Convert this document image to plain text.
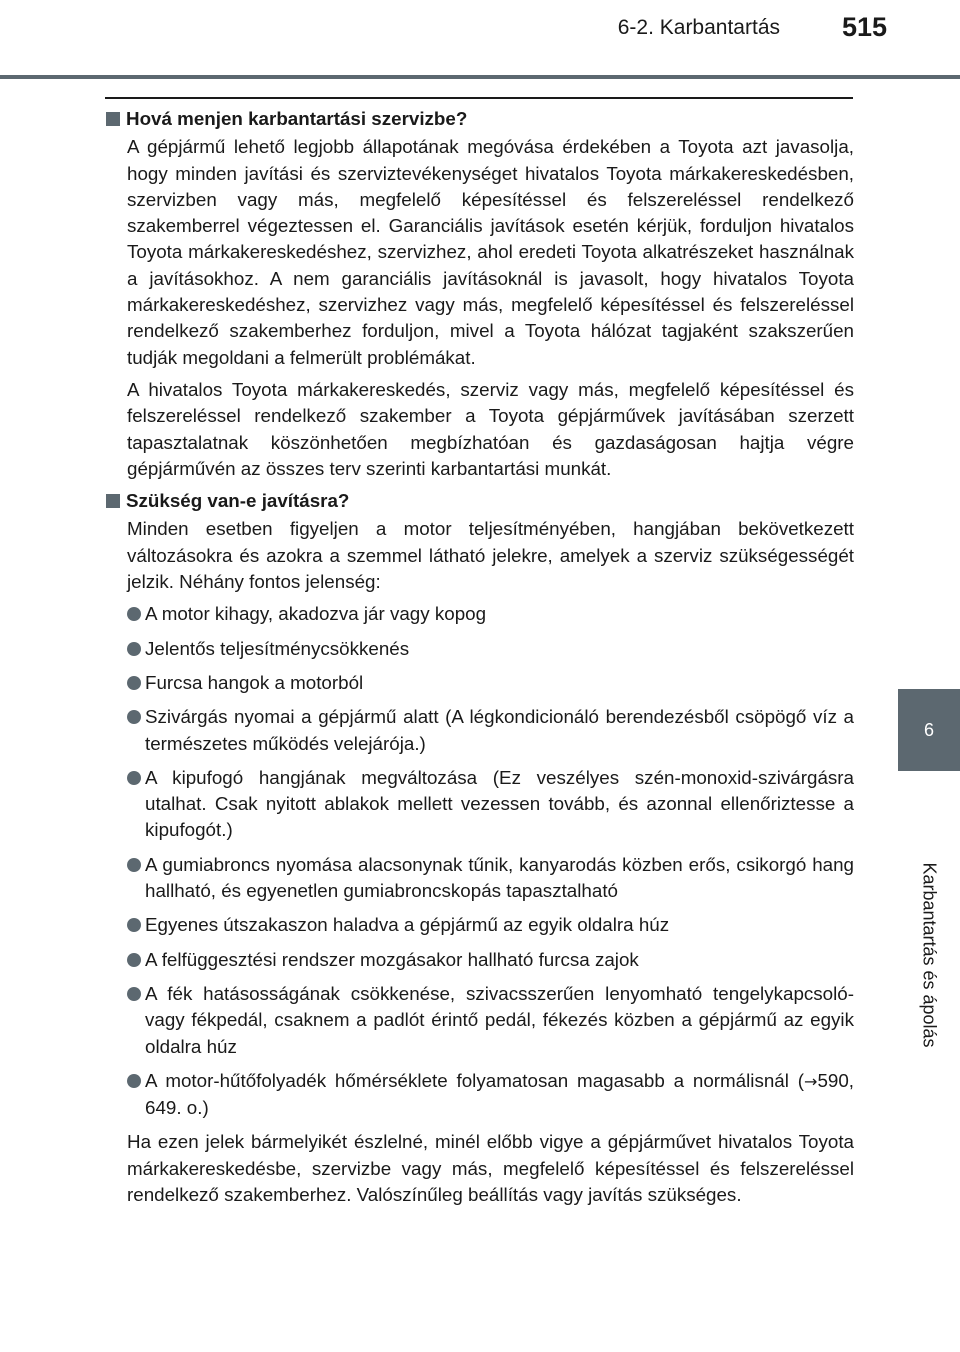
6-2. Karbantartás 515
6
Karbantartás és ápolás
Hová menjen karbantartási szervizbe?

A gépjármű lehető legjobb állapotának megóvása érdekében a Toyota azt javasolja, hogy minden javítási és szerviztevékenységet hivatalos Toyota márkakereskedésben, szervizben vagy más, megfelelő képesítéssel és felszereléssel rendelkező szakemberrel végeztessen el. Garanciális javítások esetén kérjük, forduljon hivatalos Toyota márkakereskedéshez, szervizhez, ahol eredeti Toyota alkatrészeket használnak a javításokhoz. A nem garanciális javításoknál is javasolt, hogy hivatalos Toyota márkakereskedéshez, szervizhez vagy más, megfelelő képesítéssel és felszereléssel rendelkező szakemberhez forduljon, mivel a Toyota hálózat tagjaként szakszerűen tudják megoldani a felmerült problémákat.

A hivatalos Toyota márkakereskedés, szerviz vagy más, megfelelő képesítéssel és felszereléssel rendelkező szakember a Toyota gépjárművek javításában szerzett tapasztalatnak köszönhetően megbízhatóan és gazdaságosan hajtja végre gépjárművén az összes terv szerinti karbantartási munkát.

Szükség van-e javításra?

Minden esetben figyeljen a motor teljesítményében, hangjában bekövetkezett változásokra és azokra a szemmel látható jelekre, amelyek a szerviz szükségességét jelzik. Néhány fontos jelenség:

A motor kihagy, akadozva jár vagy kopog
Jelentős teljesítménycsökkenés
Furcsa hangok a motorból
Szivárgás nyomai a gépjármű alatt (A légkondicionáló berendezésből csöpögő víz a természetes működés velejárója.)
A kipufogó hangjának megváltozása (Ez veszélyes szén-monoxid-szivárgásra utalhat. Csak nyitott ablakok mellett vezessen tovább, és azonnal ellenőriztesse a kipufogót.)
A gumiabroncs nyomása alacsonynak tűnik, kanyarodás közben erős, csikorgó hang hallható, és egyenetlen gumiabroncskopás tapasztalható
Egyenes útszakaszon haladva a gépjármű az egyik oldalra húz
A felfüggesztési rendszer mozgásakor hallható furcsa zajok
A fék hatásosságának csökkenése, szivacsszerűen lenyomható tengelykapcsoló- vagy fékpedál, csaknem a padlót érintő pedál, fékezés közben a gépjármű az egyik oldalra húz
A motor-hűtőfolyadék hőmérséklete folyamatosan magasabb a normálisnál (→590, 649. o.)

Ha ezen jelek bármelyikét észlelné, minél előbb vigye a gépjárművet hivatalos Toyota márkakereskedésbe, szervizbe vagy más, megfelelő képesítéssel és felszereléssel rendelkező szakemberhez. Valószínűleg beállítás vagy javítás szükséges.
